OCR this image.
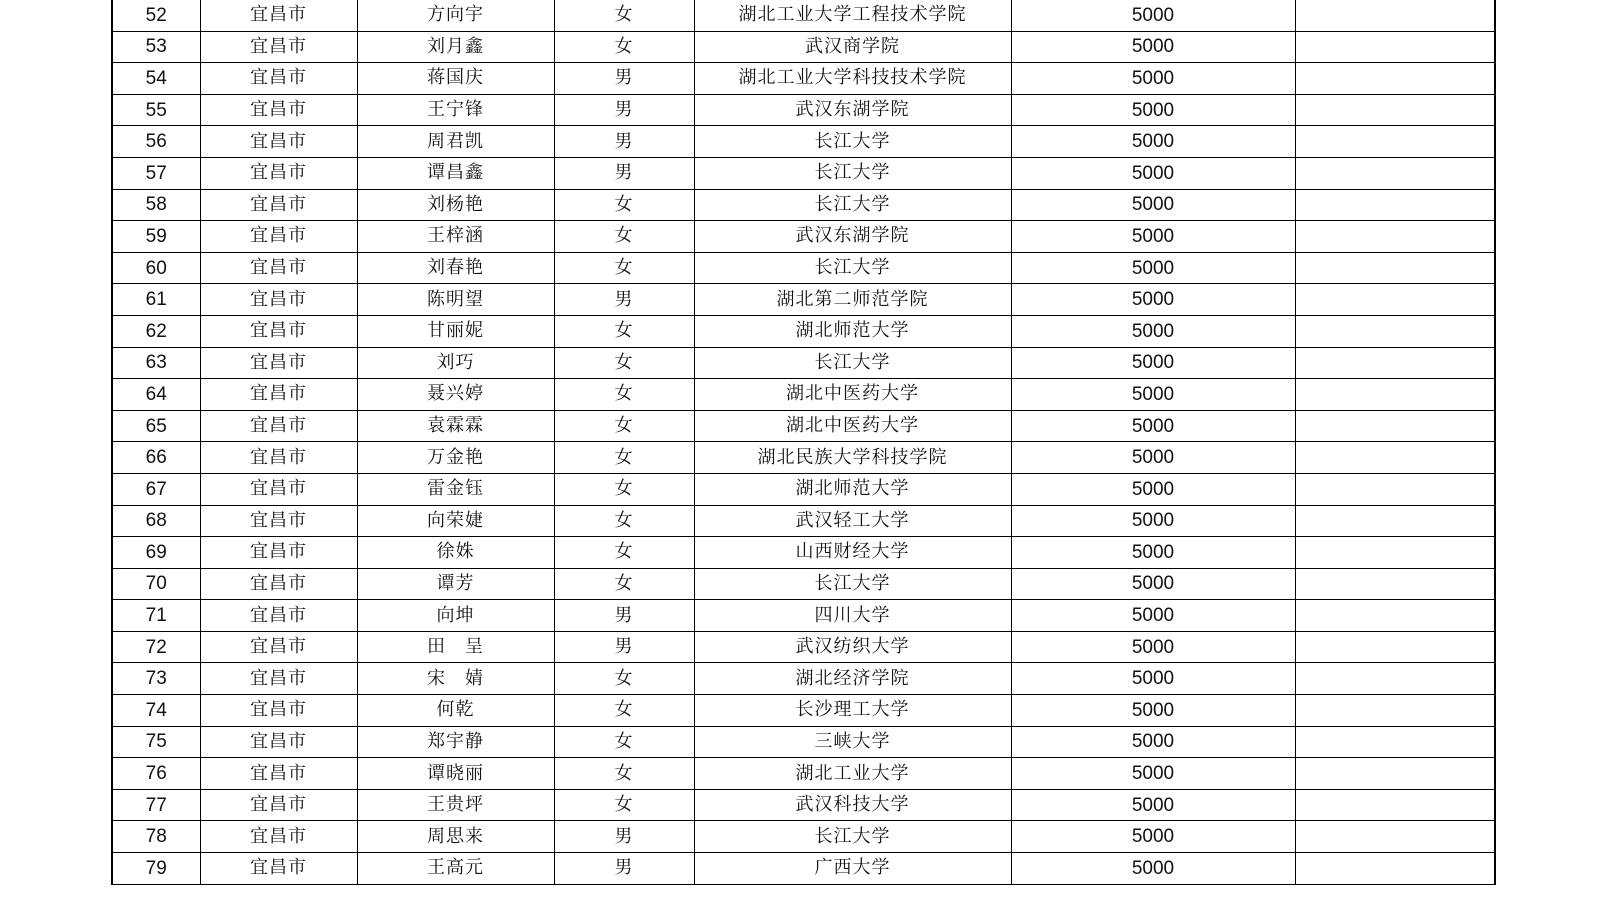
52	宜昌市	方向宇	女	湖北工业大学工程技术学院	5000	
53	宜昌市	刘月鑫	女	武汉商学院	5000	
54	宜昌市	蒋国庆	男	湖北工业大学科技技术学院	5000	
55	宜昌市	王宁锋	男	武汉东湖学院	5000	
56	宜昌市	周君凯	男	长江大学	5000	
57	宜昌市	谭昌鑫	男	长江大学	5000	
58	宜昌市	刘杨艳	女	长江大学	5000	
59	宜昌市	王梓涵	女	武汉东湖学院	5000	
60	宜昌市	刘春艳	女	长江大学	5000	
61	宜昌市	陈明望	男	湖北第二师范学院	5000	
62	宜昌市	甘丽妮	女	湖北师范大学	5000	
63	宜昌市	刘巧	女	长江大学	5000	
64	宜昌市	聂兴婷	女	湖北中医药大学	5000	
65	宜昌市	袁霖霖	女	湖北中医药大学	5000	
66	宜昌市	万金艳	女	湖北民族大学科技学院	5000	
67	宜昌市	雷金钰	女	湖北师范大学	5000	
68	宜昌市	向荣婕	女	武汉轻工大学	5000	
69	宜昌市	徐姝	女	山西财经大学	5000	
70	宜昌市	谭芳	女	长江大学	5000	
71	宜昌市	向坤	男	四川大学	5000	
72	宜昌市	田　呈	男	武汉纺织大学	5000	
73	宜昌市	宋　婧	女	湖北经济学院	5000	
74	宜昌市	何乾	女	长沙理工大学	5000	
75	宜昌市	郑宇静	女	三峡大学	5000	
76	宜昌市	谭晓丽	女	湖北工业大学	5000	
77	宜昌市	王贵坪	女	武汉科技大学	5000	
78	宜昌市	周思来	男	长江大学	5000	
79	宜昌市	王高元	男	广西大学	5000	
